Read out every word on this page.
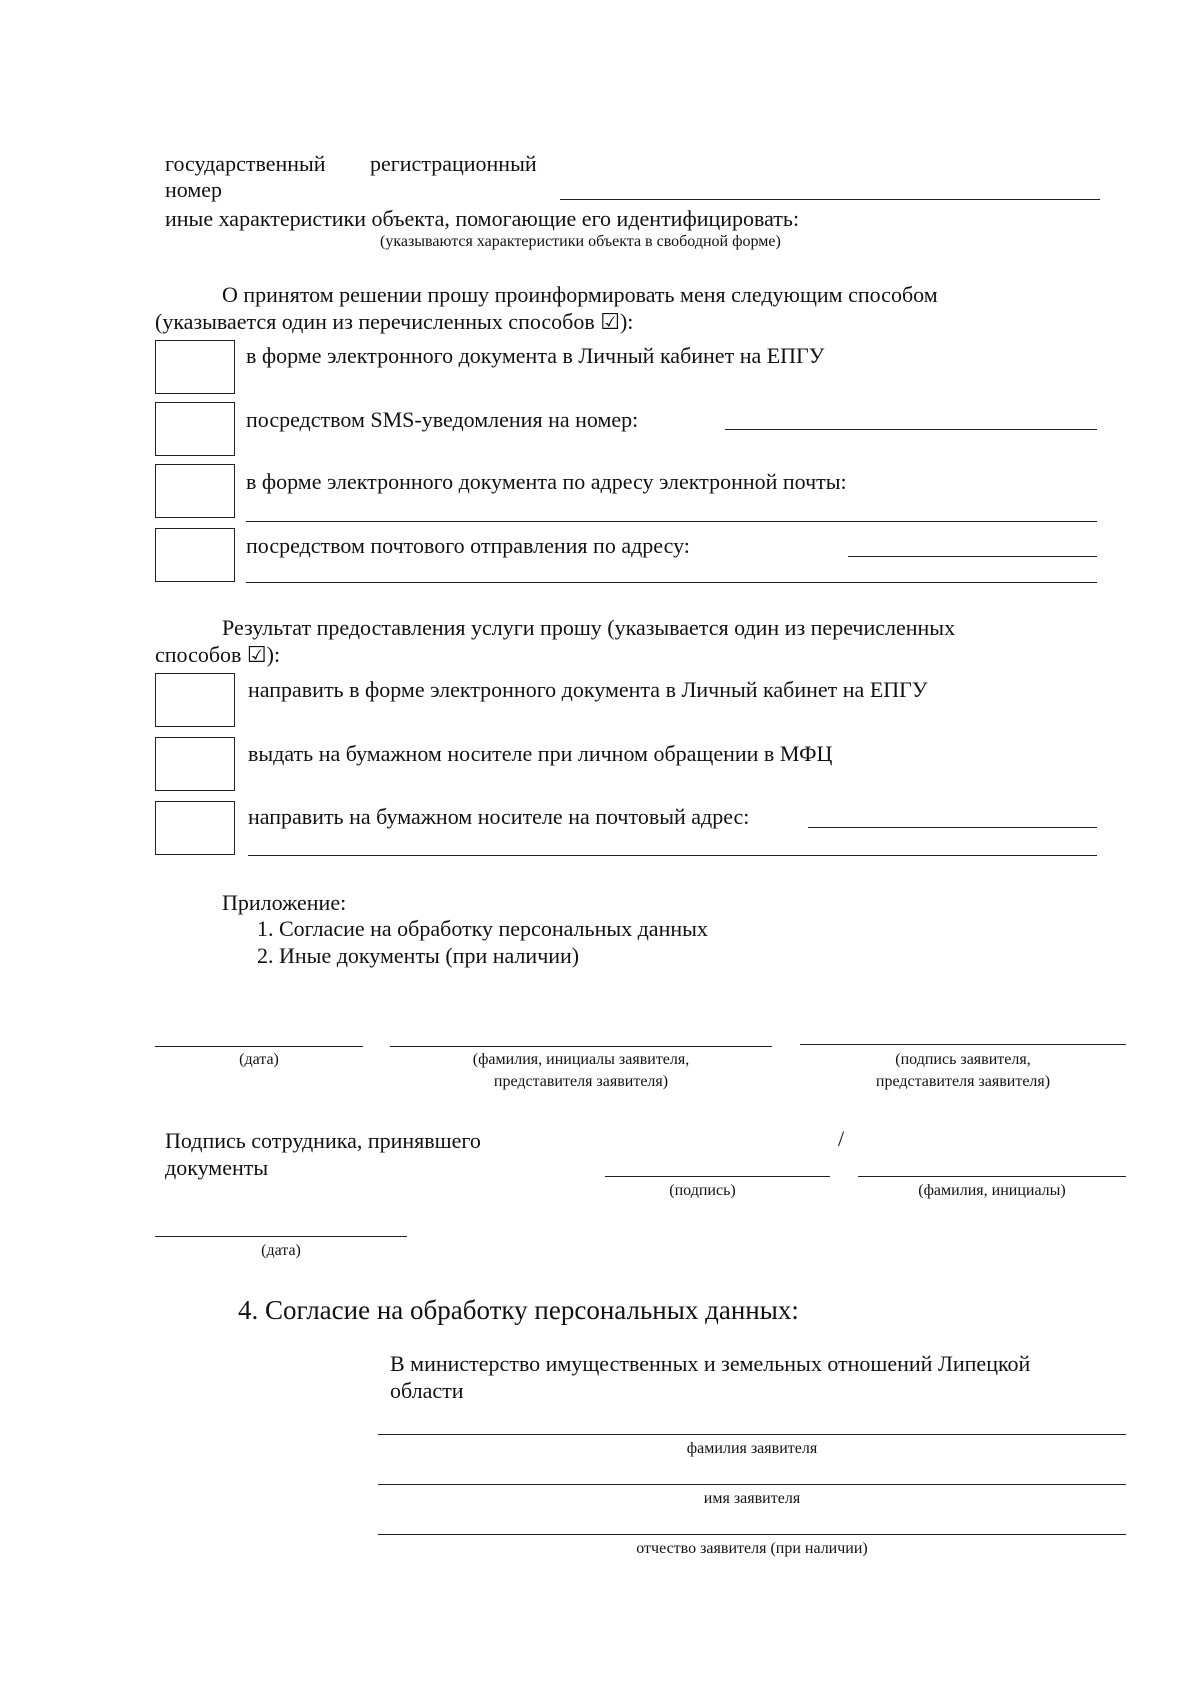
государственный регистрационный
номер
иные характеристики объекта, помогающие его идентифицировать:
(указываются характеристики объекта в свободной форме)
О принятом решении прошу проинформировать меня следующим способом
(указывается один из перечисленных способов ☑):
в форме электронного документа в Личный кабинет на ЕПГУ
посредством SMS-уведомления на номер:
в форме электронного документа по адресу электронной почты:
посредством почтового отправления по адресу:
Результат предоставления услуги прошу (указывается один из перечисленных
способов ☑):
направить в форме электронного документа в Личный кабинет на ЕПГУ
выдать на бумажном носителе при личном обращении в МФЦ
направить на бумажном носителе на почтовый адрес:
Приложение:
1. Согласие на обработку персональных данных
2. Иные документы (при наличии)
(дата)	(фамилия, инициалы заявителя,
представителя заявителя)
(подпись заявителя,
представителя заявителя)
Подпись сотрудника, принявшего
документы
/
(подпись)	(фамилия, инициалы)
(дата)
4. Согласие на обработку персональных данных:
В министерство имущественных и земельных отношений Липецкой
области
фамилия заявителя
имя заявителя
отчество заявителя (при наличии)
